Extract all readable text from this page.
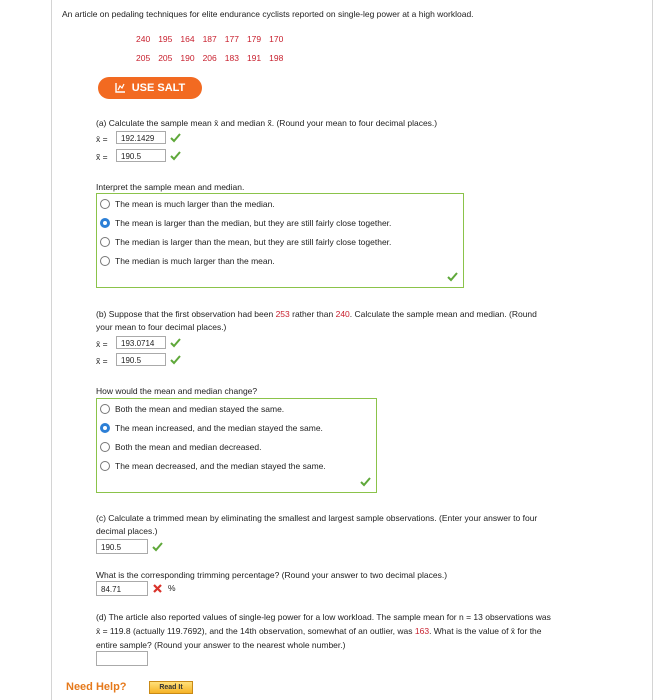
An article on pedaling techniques for elite endurance cyclists reported on single-leg power at a high workload.
240 195 164 187 177 179 170
205 205 190 206 183 191 198
USE SALT
(a) Calculate the sample mean x̄ and median x̃. (Round your mean to four decimal places.)
x̄ =	192.1429
x̃ =	190.5
Interpret the sample mean and median.
The mean is much larger than the median.
The mean is larger than the median, but they are still fairly close together.
The median is larger than the mean, but they are still fairly close together.
The median is much larger than the mean.
(b) Suppose that the first observation had been 253 rather than 240. Calculate the sample mean and median. (Round
your mean to four decimal places.)
x̄ =	193.0714
x̃ =	190.5
How would the mean and median change?
Both the mean and median stayed the same.
The mean increased, and the median stayed the same.
Both the mean and median decreased.
The mean decreased, and the median stayed the same.
(c) Calculate a trimmed mean by eliminating the smallest and largest sample observations. (Enter your answer to four
decimal places.)
190.5
What is the corresponding trimming percentage? (Round your answer to two decimal places.)
84.71	%
(d) The article also reported values of single-leg power for a low workload. The sample mean for n = 13 observations was
x̄ = 119.8 (actually 119.7692), and the 14th observation, somewhat of an outlier, was 163. What is the value of x̄ for the
entire sample? (Round your answer to the nearest whole number.)
Need Help?	Read It
